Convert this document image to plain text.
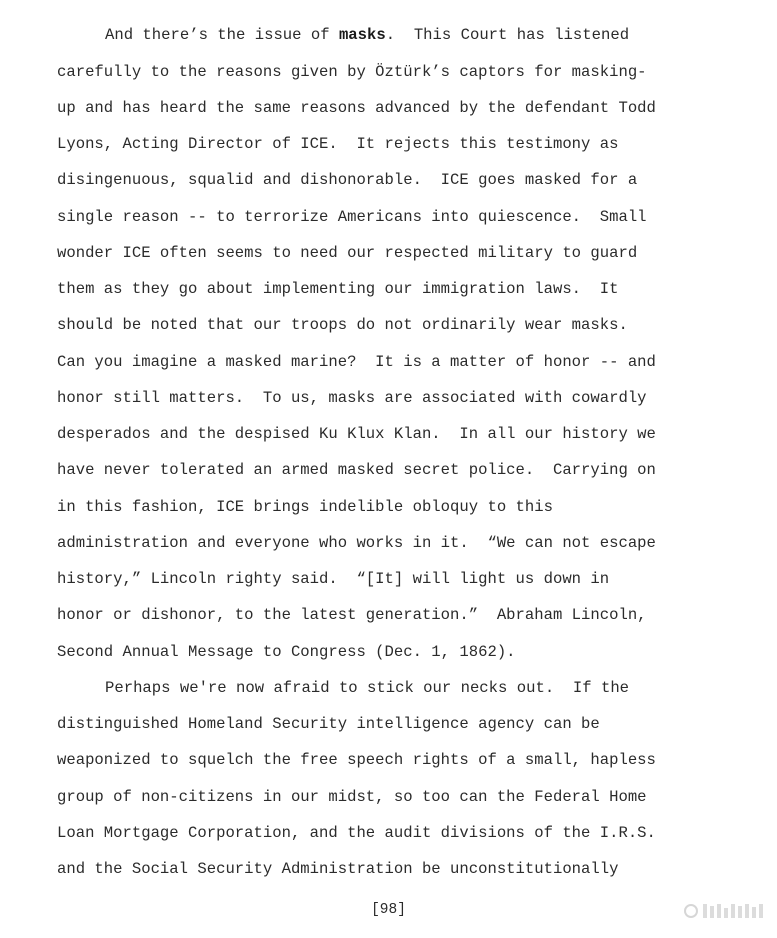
And there’s the issue of masks.  This Court has listened

carefully to the reasons given by Öztürk’s captors for masking-

up and has heard the same reasons advanced by the defendant Todd

Lyons, Acting Director of ICE.  It rejects this testimony as

disingenuous, squalid and dishonorable.  ICE goes masked for a

single reason -- to terrorize Americans into quiescence.  Small

wonder ICE often seems to need our respected military to guard

them as they go about implementing our immigration laws.  It

should be noted that our troops do not ordinarily wear masks.

Can you imagine a masked marine?  It is a matter of honor -- and

honor still matters.  To us, masks are associated with cowardly

desperados and the despised Ku Klux Klan.  In all our history we

have never tolerated an armed masked secret police.  Carrying on

in this fashion, ICE brings indelible obloquy to this

administration and everyone who works in it.  “We can not escape

history,” Lincoln righty said.  “[It] will light us down in

honor or dishonor, to the latest generation.”  Abraham Lincoln,

Second Annual Message to Congress (Dec. 1, 1862).

Perhaps we're now afraid to stick our necks out.  If the

distinguished Homeland Security intelligence agency can be

weaponized to squelch the free speech rights of a small, hapless

group of non-citizens in our midst, so too can the Federal Home

Loan Mortgage Corporation, and the audit divisions of the I.R.S.

and the Social Security Administration be unconstitutionally

[98]
